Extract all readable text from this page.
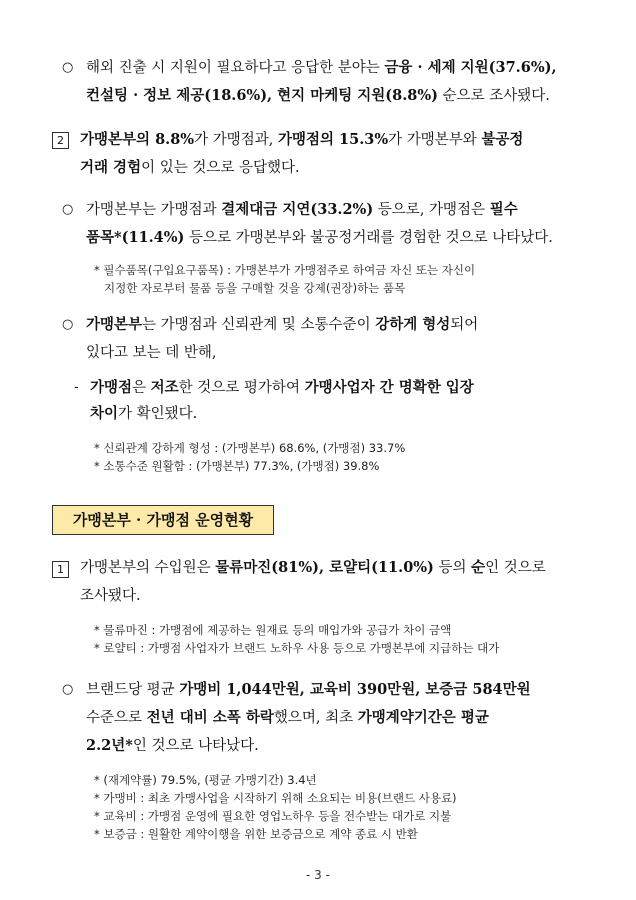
○ 해외 진출 시 지원이 필요하다고 응답한 분야는 금융 · 세제 지원(37.6%),
컨설팅 · 정보 제공(18.6%), 현지 마케팅 지원(8.8%) 순으로 조사됐다.
2	가맹본부의 8.8%가 가맹점과, 가맹점의 15.3%가 가맹본부와 불공정
거래 경험이 있는 것으로 응답했다.
○ 가맹본부는 가맹점과 결제대금 지연(33.2%) 등으로, 가맹점은 필수
품목*(11.4%) 등으로 가맹본부와 불공정거래를 경험한 것으로 나타났다.
* 필수품목(구입요구품목) : 가맹본부가 가맹점주로 하여금 자신 또는 자신이
지정한 자로부터 물품 등을 구매할 것을 강제(권장)하는 품목
○ 가맹본부는 가맹점과 신뢰관계 및 소통수준이 강하게 형성되어
있다고 보는 데 반해,
- 가맹점은 저조한 것으로 평가하여 가맹사업자 간 명확한 입장
차이가 확인됐다.
* 신뢰관계 강하게 형성 : (가맹본부) 68.6%, (가맹점) 33.7%
* 소통수준 원활함 : (가맹본부) 77.3%, (가맹점) 39.8%
가맹본부 · 가맹점 운영현황
1	가맹본부의 수입원은 물류마진(81%), 로얄티(11.0%) 등의 순인 것으로
조사됐다.
* 물류마진 : 가맹점에 제공하는 원재료 등의 매입가와 공급가 차이 금액
* 로얄티 : 가맹점 사업자가 브랜드 노하우 사용 등으로 가맹본부에 지급하는 대가
○ 브랜드당 평균 가맹비 1,044만원, 교육비 390만원, 보증금 584만원
수준으로 전년 대비 소폭 하락했으며, 최초 가맹계약기간은 평균
2.2년*인 것으로 나타났다.
* (재계약률) 79.5%, (평균 가맹기간) 3.4년
* 가맹비 : 최초 가맹사업을 시작하기 위해 소요되는 비용(브랜드 사용료)
* 교육비 : 가맹점 운영에 필요한 영업노하우 등을 전수받는 대가로 지불
* 보증금 : 원활한 계약이행을 위한 보증금으로 계약 종료 시 반환
- 3 -
